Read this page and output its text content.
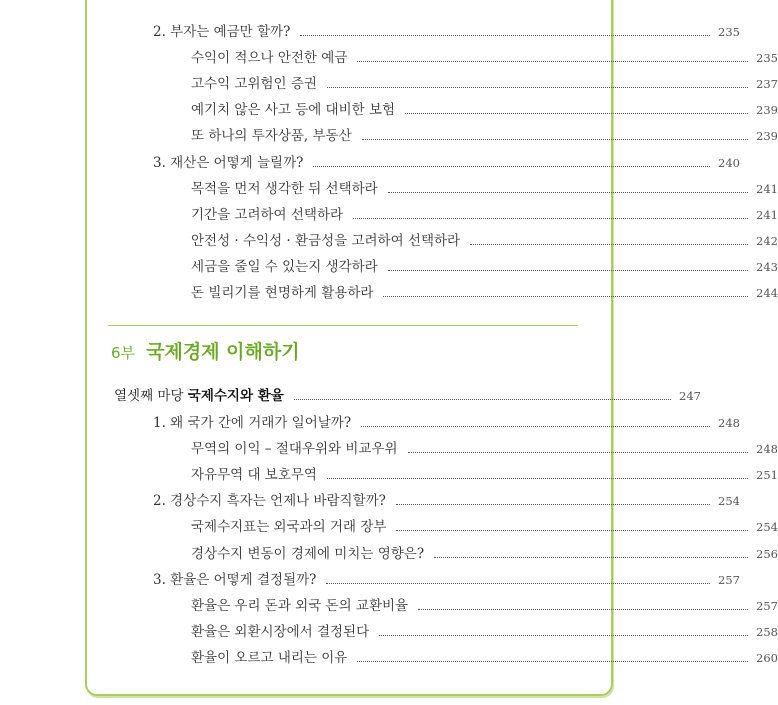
2. 부자는 예금만 할까?	235
수익이 적으나 안전한 예금	235
고수익 고위험인 증권	237
예기치 않은 사고 등에 대비한 보험	239
또 하나의 투자상품, 부동산	239
3. 재산은 어떻게 늘릴까?	240
목적을 먼저 생각한 뒤 선택하라	241
기간을 고려하여 선택하라	241
안전성 · 수익성 · 환금성을 고려하여 선택하라	242
세금을 줄일 수 있는지 생각하라	243
돈 빌리기를 현명하게 활용하라	244
6부 국제경제 이해하기
열셋째 마당 국제수지와 환율	247
1. 왜 국가 간에 거래가 일어날까?	248
무역의 이익 – 절대우위와 비교우위	248
자유무역 대 보호무역	251
2. 경상수지 흑자는 언제나 바람직할까?	254
국제수지표는 외국과의 거래 장부	254
경상수지 변동이 경제에 미치는 영향은?	256
3. 환율은 어떻게 결정될까?	257
환율은 우리 돈과 외국 돈의 교환비율	257
환율은 외환시장에서 결정된다	258
환율이 오르고 내리는 이유	260
